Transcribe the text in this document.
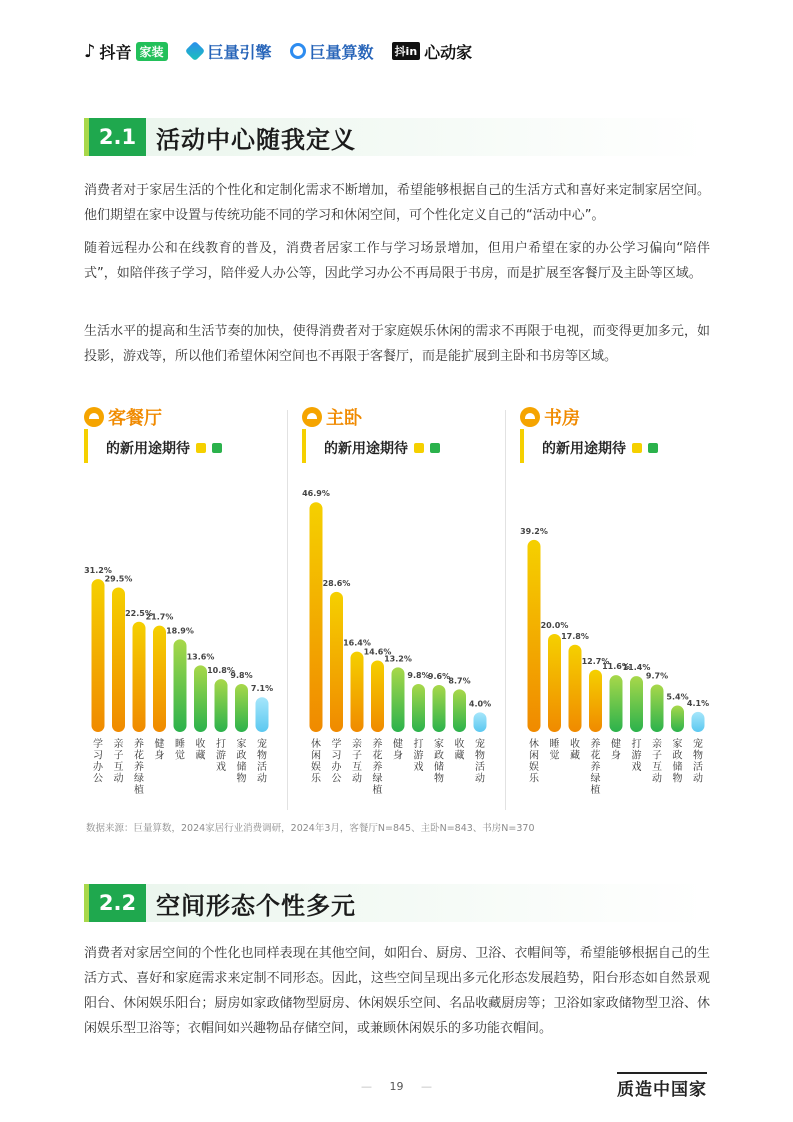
♪ 抖音 家装	巨量引擎 巨量算数 抖in 心动家
2.1 活动中心随我定义

消费者对于家居生活的个性化和定制化需求不断增加，希望能够根据自己的生活方式和喜好来定制家居空间。他们期望在家中设置与传统功能不同的学习和休闲空间，可个性化定义自己的“活动中心”。

随着远程办公和在线教育的普及，消费者居家工作与学习场景增加，但用户希望在家的办公学习偏向“陪伴式”，如陪伴孩子学习，陪伴爱人办公等，因此学习办公不再局限于书房，而是扩展至客餐厅及主卧等区域。

生活水平的提高和生活节奏的加快，使得消费者对于家庭娱乐休闲的需求不再限于电视，而变得更加多元，如投影，游戏等，所以他们希望休闲空间也不再限于客餐厅，而是能扩展到主卧和书房等区域。

客餐厅
的新用途期待
31.2%
学习办公
29.5%
亲子互动
22.5%
养花养绿植
21.7%
健身
18.9%
睡觉
13.6%
收藏
10.8%
打游戏
9.8%
家政储物
7.1%
宠物活动
主卧
的新用途期待
46.9%
休闲娱乐
28.6%
学习办公
16.4%
亲子互动
14.6%
养花养绿植
13.2%
健身
9.8%
打游戏
9.6%
家政储物
8.7%
收藏
4.0%
宠物活动
书房
的新用途期待
39.2%
休闲娱乐
20.0%
睡觉
17.8%
收藏
12.7%
养花养绿植
11.6%
健身
11.4%
打游戏
9.7%
亲子互动
5.4%
家政储物
4.1%
宠物活动
数据来源：巨量算数，2024家居行业消费调研，2024年3月，客餐厅N=845、主卧N=843、书房N=370
2.2 空间形态个性多元

消费者对家居空间的个性化也同样表现在其他空间，如阳台、厨房、卫浴、衣帽间等，希望能够根据自己的生活方式、喜好和家庭需求来定制不同形态。因此，这些空间呈现出多元化形态发展趋势，阳台形态如自然景观阳台、休闲娱乐阳台；厨房如家政储物型厨房、休闲娱乐空间、名品收藏厨房等；卫浴如家政储物型卫浴、休闲娱乐型卫浴等；衣帽间如兴趣物品存储空间，或兼顾休闲娱乐的多功能衣帽间。

— 19 —	质造中国家
